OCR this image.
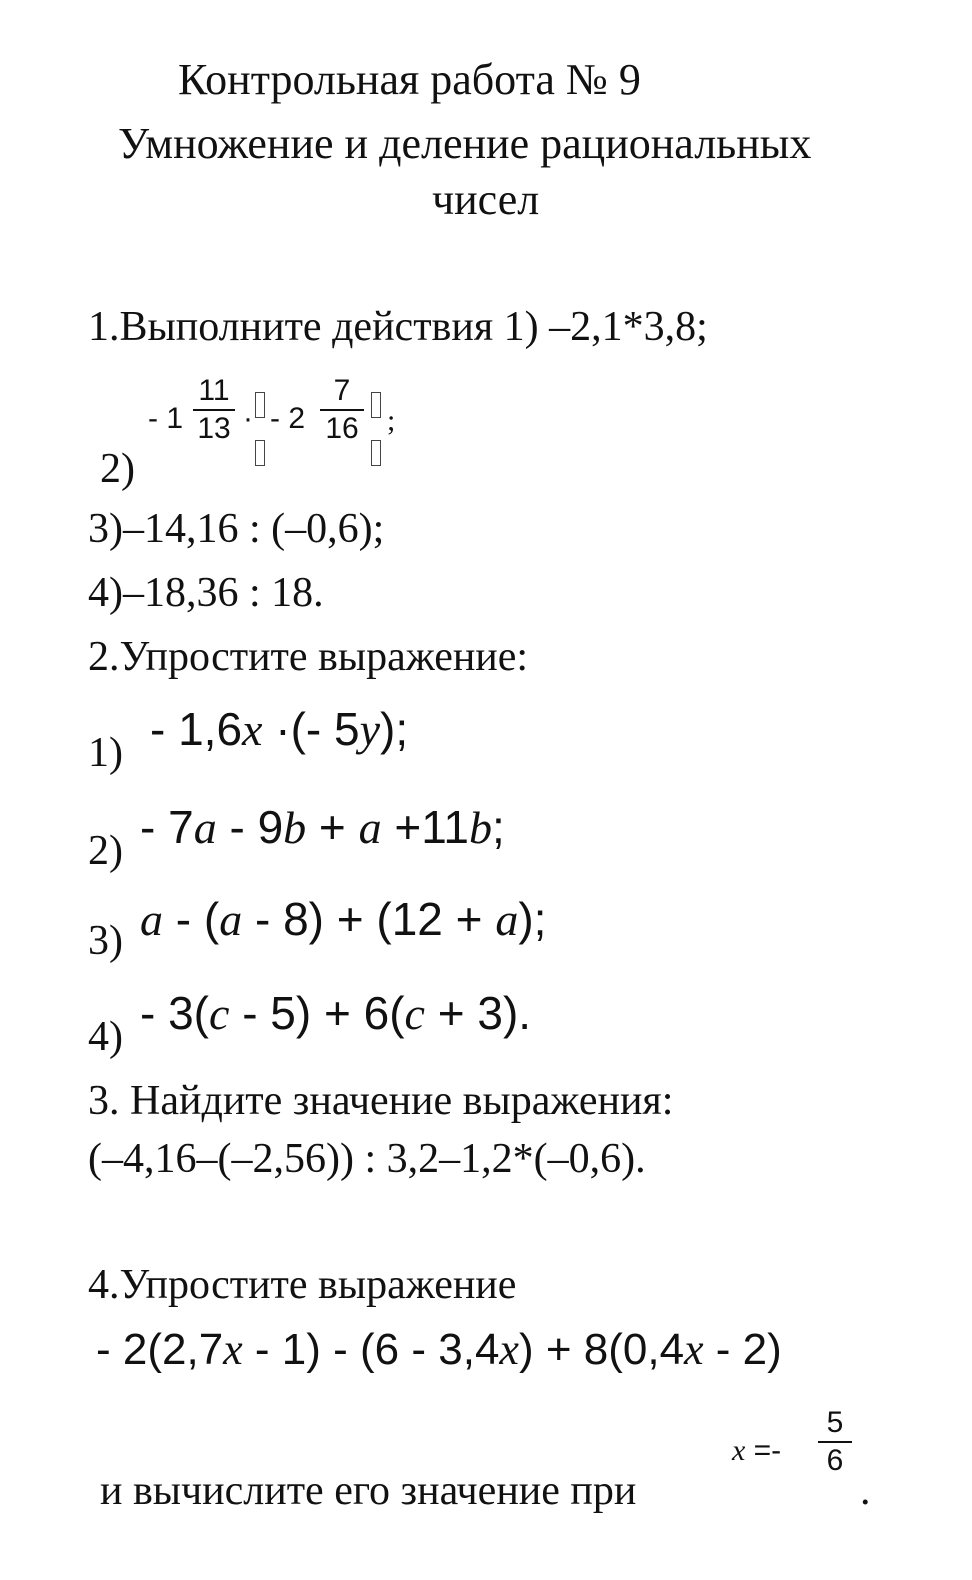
Контрольная работа № 9
Умножение и деление рациональных
чисел
1.Выполните действия 1) –2,1*3,8;
2)
- 1
11
13 · - 2
7
16 ;
3)–14,16 : (–0,6);
4)–18,36 : 18.
2.Упростите выражение:
1) - 1,6x ·(- 5y);
2) - 7a - 9b + a +11b;
3) a - (a - 8) + (12 + a);
4) - 3(c - 5) + 6(c + 3).
3. Найдите значение выражения:
(–4,16–(–2,56)) : 3,2–1,2*(–0,6).
4.Упростите выражение
- 2(2,7x - 1) - (6 - 3,4x) + 8(0,4x - 2)
и вычислите его значение при
x =-
5
6
.
